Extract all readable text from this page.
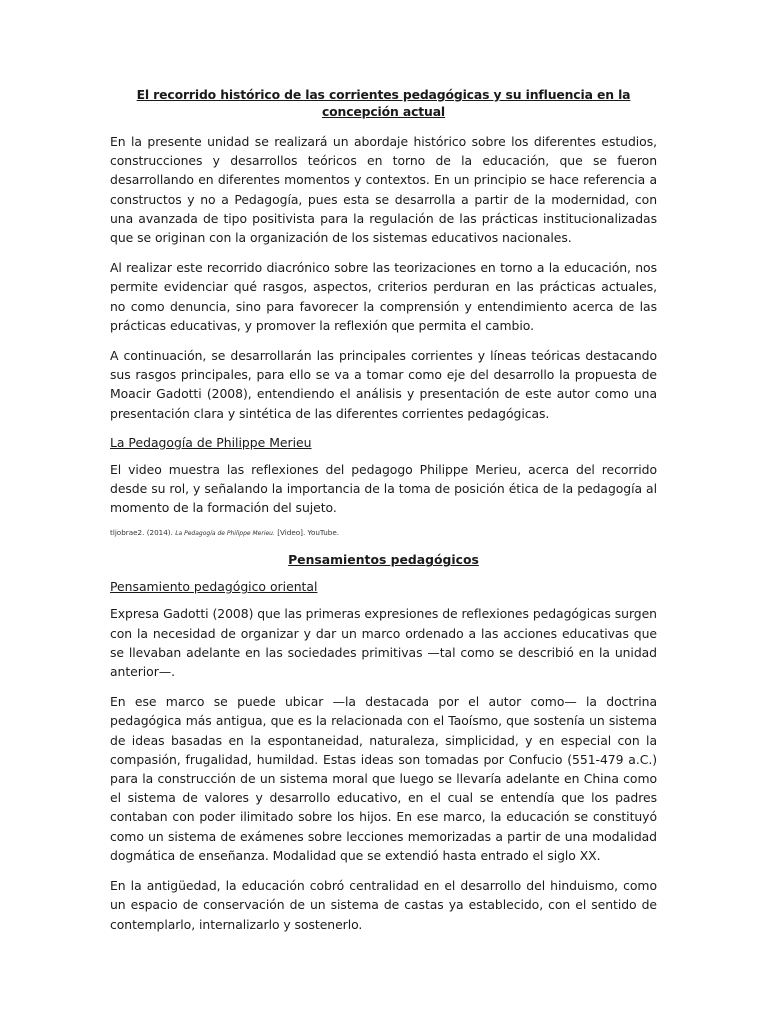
El recorrido histórico de las corrientes pedagógicas y su influencia en la concepción actual

En la presente unidad se realizará un abordaje histórico sobre los diferentes estudios, construcciones y desarrollos teóricos en torno de la educación, que se fueron desarrollando en diferentes momentos y contextos. En un principio se hace referencia a constructos y no a Pedagogía, pues esta se desarrolla a partir de la modernidad, con una avanzada de tipo positivista para la regulación de las prácticas institucionalizadas que se originan con la organización de los sistemas educativos nacionales.

Al realizar este recorrido diacrónico sobre las teorizaciones en torno a la educación, nos permite evidenciar qué rasgos, aspectos, criterios perduran en las prácticas actuales, no como denuncia, sino para favorecer la comprensión y entendimiento acerca de las prácticas educativas, y promover la reflexión que permita el cambio.

A continuación, se desarrollarán las principales corrientes y líneas teóricas destacando sus rasgos principales, para ello se va a tomar como eje del desarrollo la propuesta de Moacir Gadotti (2008), entendiendo el análisis y presentación de este autor como una presentación clara y sintética de las diferentes corrientes pedagógicas.

La Pedagogía de Philippe Merieu

El video muestra las reflexiones del pedagogo Philippe Merieu, acerca del recorrido desde su rol, y señalando la importancia de la toma de posición ética de la pedagogía al momento de la formación del sujeto.

tljobrae2. (2014). La Pedagogía de Philippe Merieu. [Video]. YouTube.
Pensamientos pedagógicos
Pensamiento pedagógico oriental

Expresa Gadotti (2008) que las primeras expresiones de reflexiones pedagógicas surgen con la necesidad de organizar y dar un marco ordenado a las acciones educativas que se llevaban adelante en las sociedades primitivas —tal como se describió en la unidad anterior—.

En ese marco se puede ubicar —la destacada por el autor como— la doctrina pedagógica más antigua, que es la relacionada con el Taoísmo, que sostenía un sistema de ideas basadas en la espontaneidad, naturaleza, simplicidad, y en especial con la compasión, frugalidad, humildad. Estas ideas son tomadas por Confucio (551-479 a.C.) para la construcción de un sistema moral que luego se llevaría adelante en China como el sistema de valores y desarrollo educativo, en el cual se entendía que los padres contaban con poder ilimitado sobre los hijos. En ese marco, la educación se constituyó como un sistema de exámenes sobre lecciones memorizadas a partir de una modalidad dogmática de enseñanza. Modalidad que se extendió hasta entrado el siglo XX.

En la antigüedad, la educación cobró centralidad en el desarrollo del hinduismo, como un espacio de conservación de un sistema de castas ya establecido, con el sentido de contemplarlo, internalizarlo y sostenerlo.
